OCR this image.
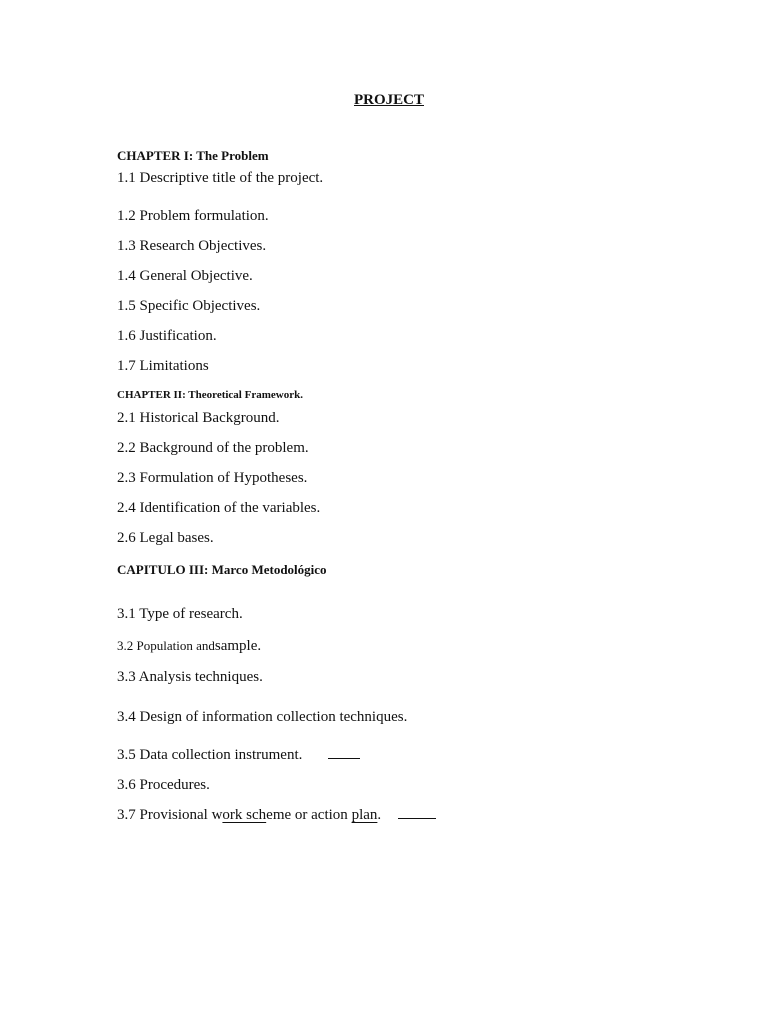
PROJECT
CHAPTER I: The Problem
1.1 Descriptive title of the project.
1.2 Problem formulation.
1.3 Research Objectives.
1.4 General Objective.
1.5 Specific Objectives.
1.6 Justification.
1.7 Limitations
CHAPTER II: Theoretical Framework.
2.1 Historical Background.
2.2 Background of the problem.
2.3 Formulation of Hypotheses.
2.4 Identification of the variables.
2.6 Legal bases.
CAPITULO III: Marco Metodológico
3.1 Type of research.
3.2 Population andsample.
3.3 Analysis techniques.
3.4 Design of information collection techniques.
3.5 Data collection instrument.
3.6 Procedures.
3.7 Provisional work scheme or action plan.
